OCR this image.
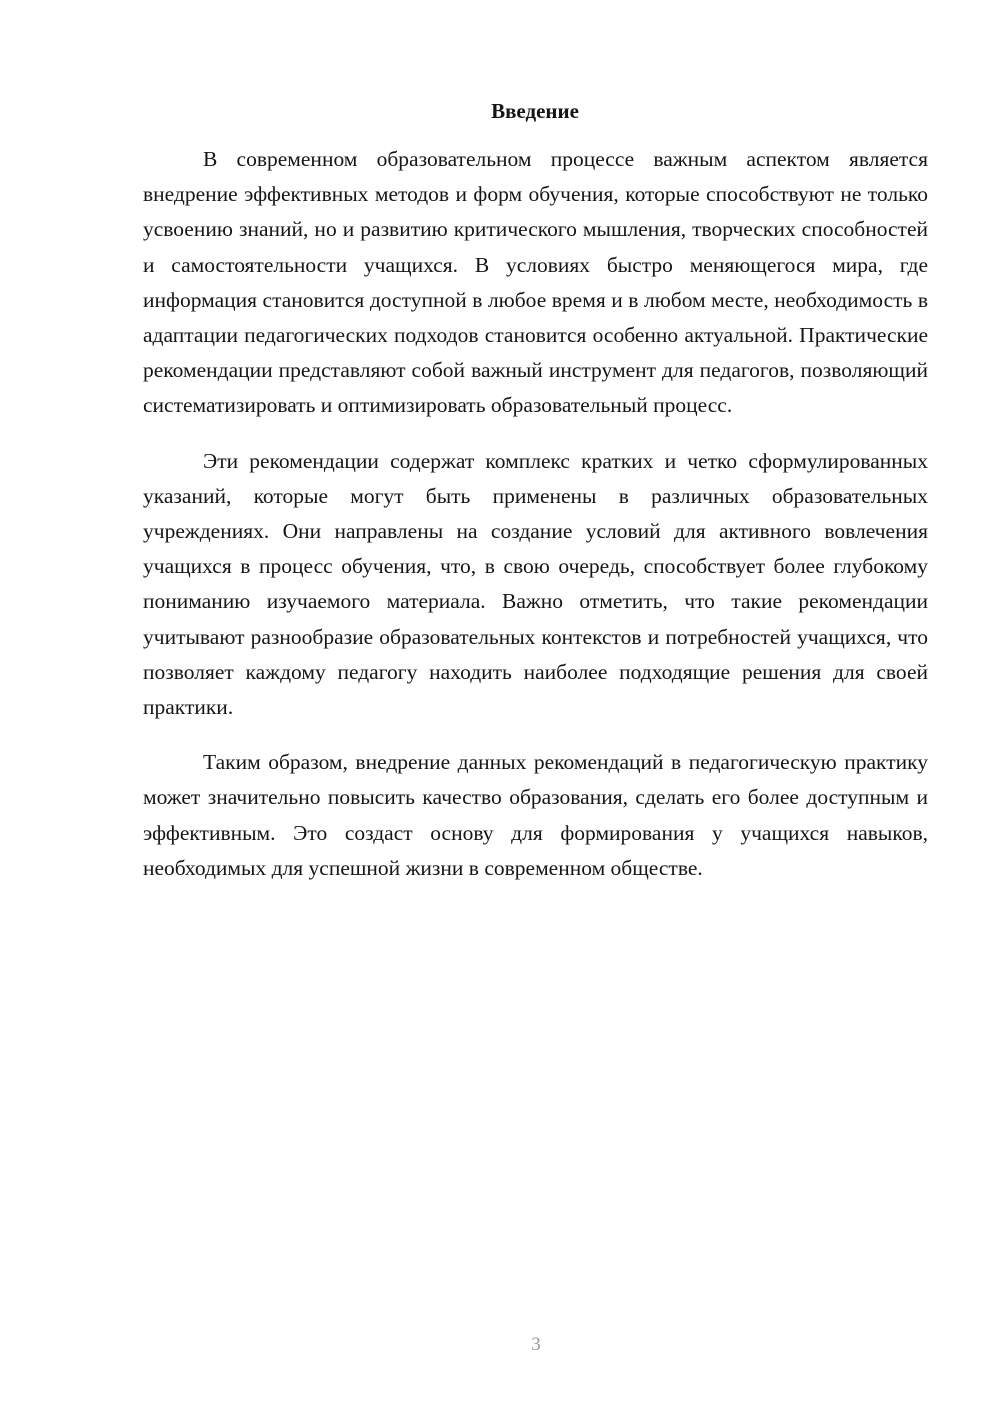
Введение

В современном образовательном процессе важным аспектом является внедрение эффективных методов и форм обучения, которые способствуют не только усвоению знаний, но и развитию критического мышления, творческих способностей и самостоятельности учащихся. В условиях быстро меняющегося мира, где информация становится доступной в любое время и в любом месте, необходимость в адаптации педагогических подходов становится особенно актуальной. Практические рекомендации представляют собой важный инструмент для педагогов, позволяющий систематизировать и оптимизировать образовательный процесс.

Эти рекомендации содержат комплекс кратких и четко сформулированных указаний, которые могут быть применены в различных образовательных учреждениях. Они направлены на создание условий для активного вовлечения учащихся в процесс обучения, что, в свою очередь, способствует более глубокому пониманию изучаемого материала. Важно отметить, что такие рекомендации учитывают разнообразие образовательных контекстов и потребностей учащихся, что позволяет каждому педагогу находить наиболее подходящие решения для своей практики.

Таким образом, внедрение данных рекомендаций в педагогическую практику может значительно повысить качество образования, сделать его более доступным и эффективным. Это создаст основу для формирования у учащихся навыков, необходимых для успешной жизни в современном обществе.

3
